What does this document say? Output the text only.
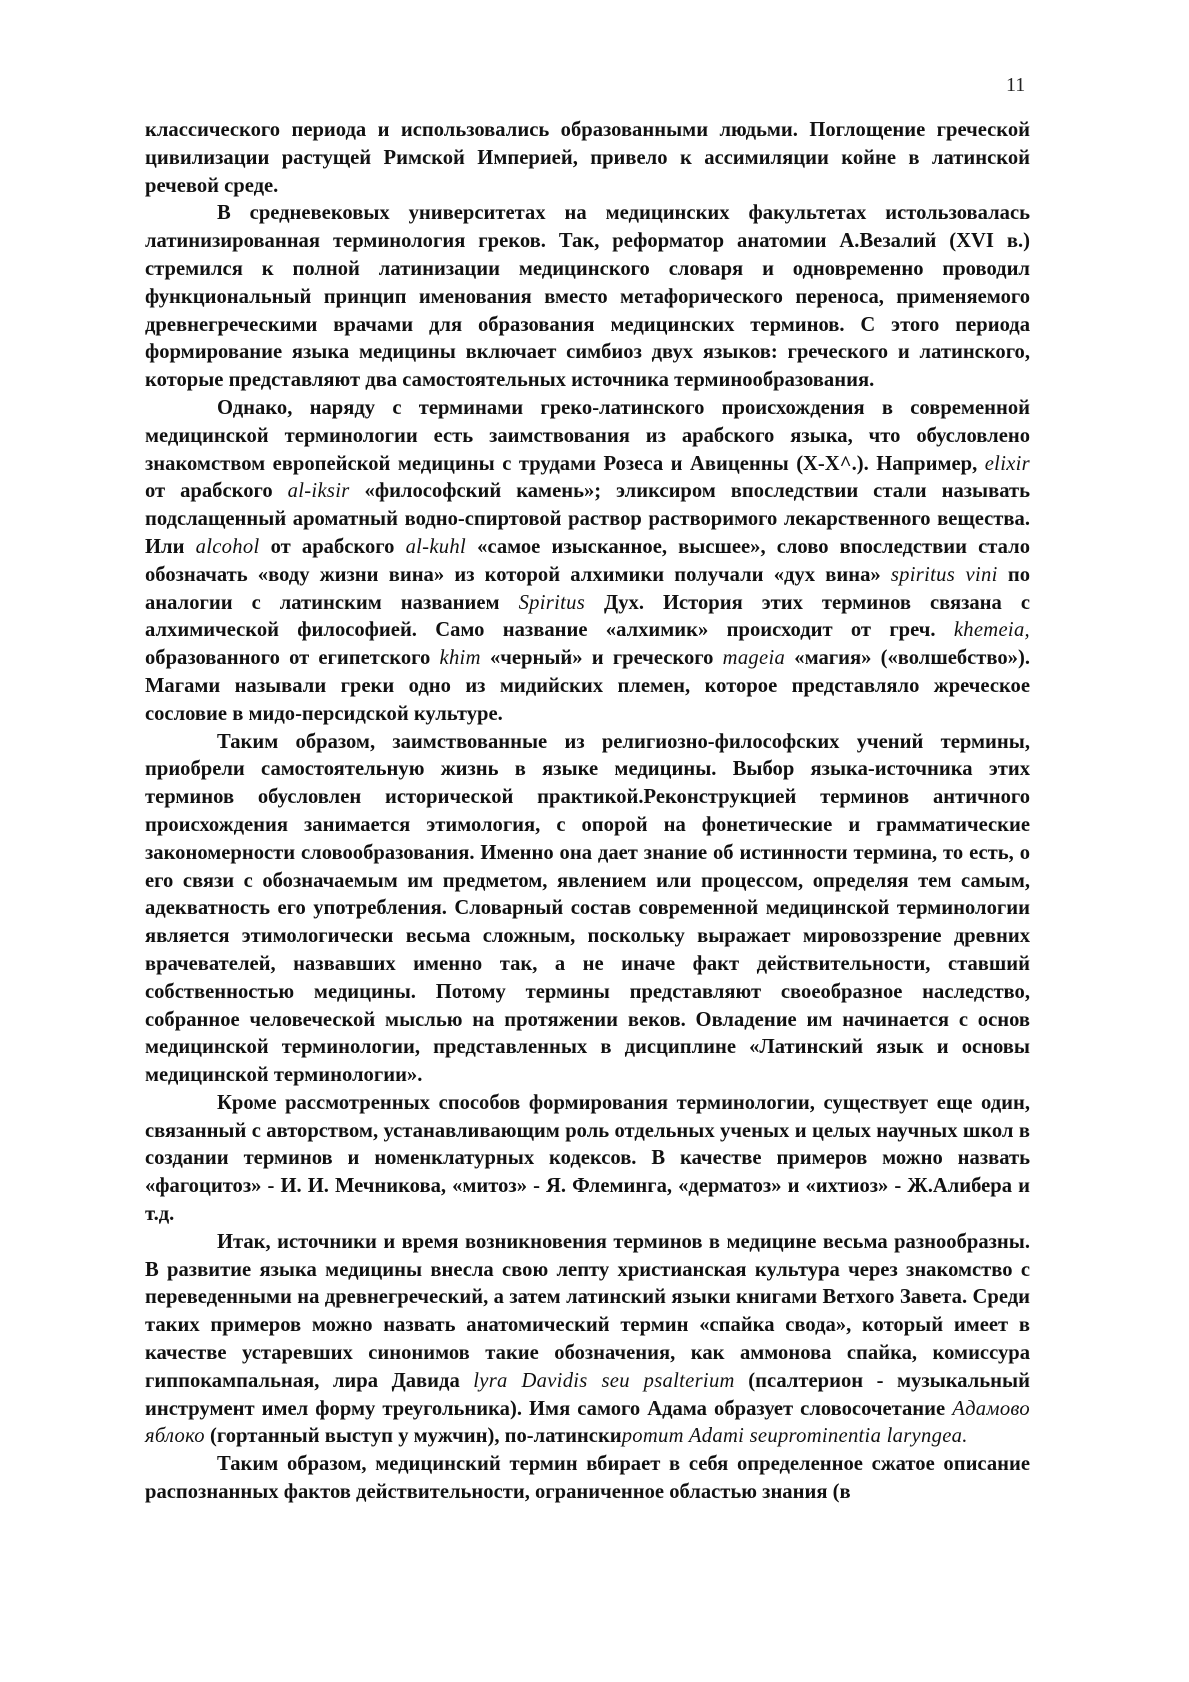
11

классического периода и использовались образованными людьми. Поглощение греческой цивилизации растущей Римской Империей, привело к ассимиляции койне в латинской речевой среде.

В средневековых университетах на медицинских факультетах истользовалась латинизированная терминология греков. Так, реформатор анатомии А.Везалий (XVI в.) стремился к полной латинизации медицинского словаря и одновременно проводил функциональный принцип именования вместо метафорического переноса, применяемого древнегреческими врачами для образования медицинских терминов. С этого периода формирование языка медицины включает симбиоз двух языков: греческого и латинского, которые представляют два самостоятельных источника терминообразования.

Однако, наряду с терминами греко-латинского происхождения в современной медицинской терминологии есть заимствования из арабского языка, что обусловлено знакомством европейской медицины с трудами Розеса и Авиценны (X-X^.). Например, elixir от арабского al-iksir «философский камень»; эликсиром впоследствии стали называть подслащенный ароматный водно-спиртовой раствор растворимого лекарственного вещества. Или alcohol от арабского al-kuhl «самое изысканное, высшее», слово впоследствии стало обозначать «воду жизни вина» из которой алхимики получали «дух вина» spiritus vini по аналогии с латинским названием Spiritus Дух. История этих терминов связана с алхимической философией. Само название «алхимик» происходит от греч. khemeia, образованного от египетского khim «черный» и греческого mageia «магия» («волшебство»). Магами называли греки одно из мидийских племен, которое представляло жреческое сословие в мидо-персидской культуре.

Таким образом, заимствованные из религиозно-философских учений термины, приобрели самостоятельную жизнь в языке медицины. Выбор языка-источника этих терминов обусловлен исторической практикой.Реконструкцией терминов античного происхождения занимается этимология, с опорой на фонетические и грамматические закономерности словообразования. Именно она дает знание об истинности термина, то есть, о его связи с обозначаемым им предметом, явлением или процессом, определяя тем самым, адекватность его употребления. Словарный состав современной медицинской терминологии является этимологически весьма сложным, поскольку выражает мировоззрение древних врачевателей, назвавших именно так, а не иначе факт действительности, ставший собственностью медицины. Потому термины представляют своеобразное наследство, собранное человеческой мыслью на протяжении веков. Овладение им начинается с основ медицинской терминологии, представленных в дисциплине «Латинский язык и основы медицинской терминологии».

Кроме рассмотренных способов формирования терминологии, существует еще один, связанный с авторством, устанавливающим роль отдельных ученых и целых научных школ в создании терминов и номенклатурных кодексов. В качестве примеров можно назвать «фагоцитоз» - И. И. Мечникова, «митоз» - Я. Флеминга, «дерматоз» и «ихтиоз» - Ж.Алибера и т.д.

Итак, источники и время возникновения терминов в медицине весьма разнообразны. В развитие языка медицины внесла свою лепту христианская культура через знакомство с переведенными на древнегреческий, а затем латинский языки книгами Ветхого Завета. Среди таких примеров можно назвать анатомический термин «спайка свода», который имеет в качестве устаревших синонимов такие обозначения, как аммонова спайка, комиссура гиппокампальная, лира Давида lyra Davidis seu psalterium (псалтерион - музыкальный инструмент имел форму треугольника). Имя самого Адама образует словосочетание Адамово яблоко (гортанный выступ у мужчин), по-латинскиpomum Adami seuprominentia laryngea.

Таким образом, медицинский термин вбирает в себя определенное сжатое описание распознанных фактов действительности, ограниченное областью знания (в
